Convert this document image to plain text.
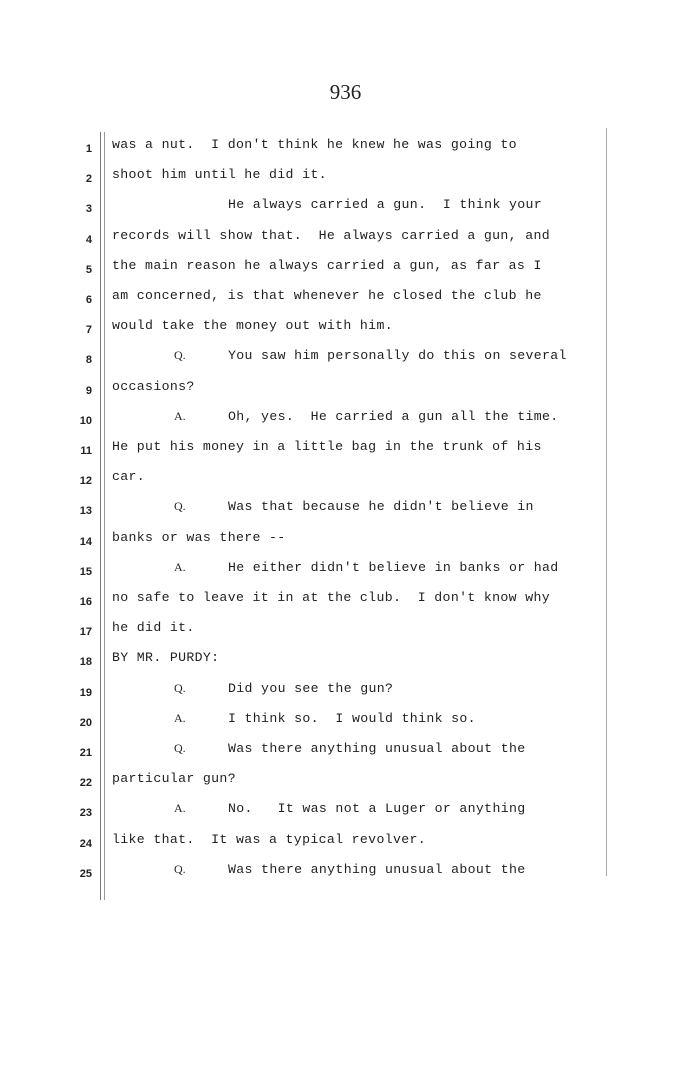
936
1 was a nut.  I don't think he knew he was going to
2 shoot him until he did it.
3	He always carried a gun.  I think your
4 records will show that.  He always carried a gun, and
5 the main reason he always carried a gun, as far as I
6 am concerned, is that whenever he closed the club he
7 would take the money out with him.
8	Q.	You saw him personally do this on several
9 occasions?
10	A.	Oh, yes.  He carried a gun all the time.
11 He put his money in a little bag in the trunk of his
12 car.
13	Q.	Was that because he didn't believe in
14 banks or was there --
15	A.	He either didn't believe in banks or had
16 no safe to leave it in at the club.  I don't know why
17 he did it.
18 BY MR. PURDY:
19	Q.	Did you see the gun?
20	A.	I think so.  I would think so.
21	Q.	Was there anything unusual about the
22 particular gun?
23	A.	No.   It was not a Luger or anything
24 like that.  It was a typical revolver.
25	Q.	Was there anything unusual about the
